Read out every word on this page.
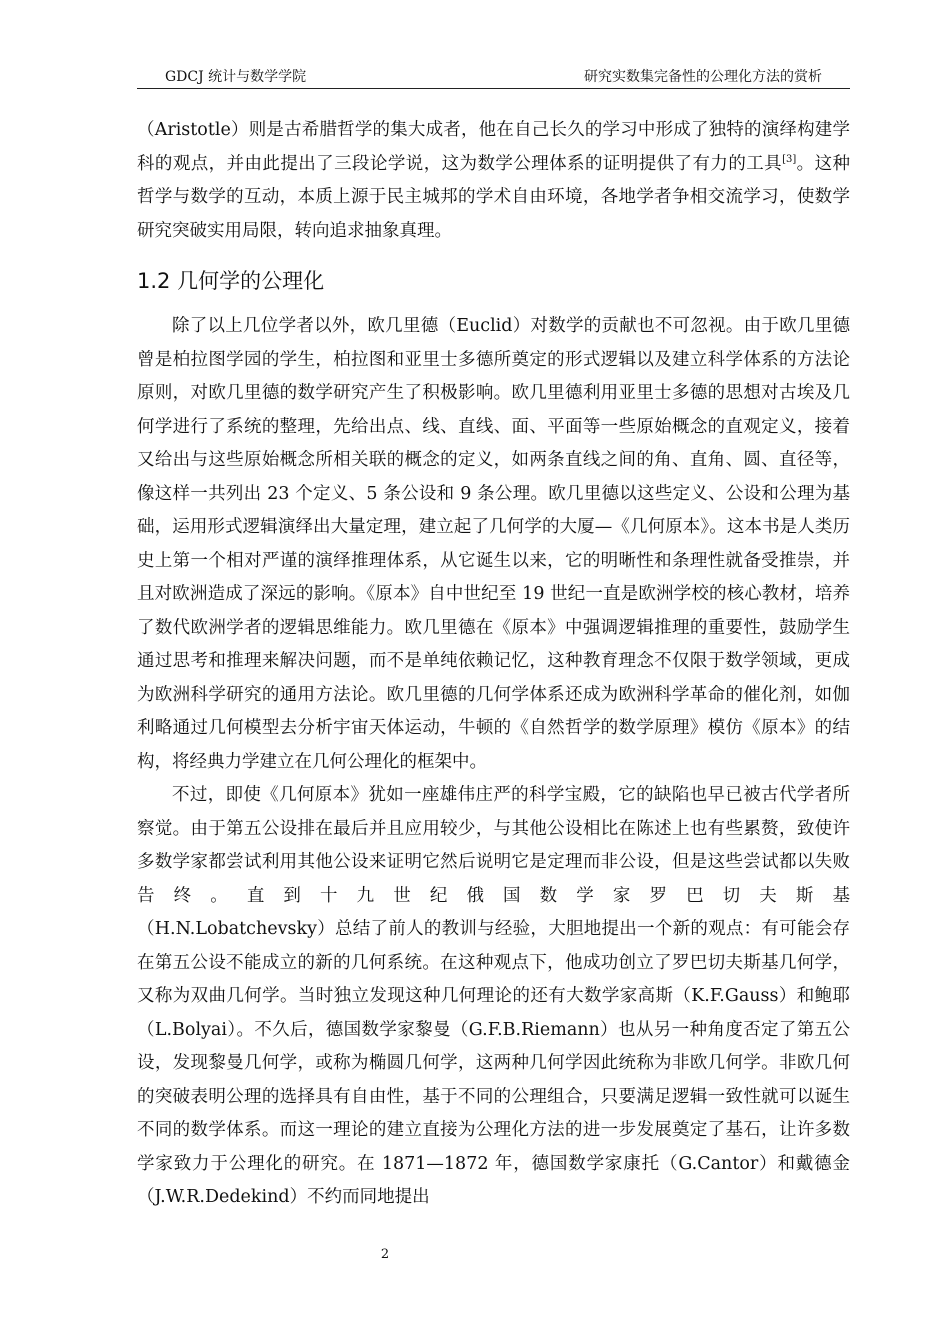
GDCJ 统计与数学学院	研究实数集完备性的公理化方法的赏析

（Aristotle）则是古希腊哲学的集大成者，他在自己长久的学习中形成了独特的演绎构建学科的观点，并由此提出了三段论学说，这为数学公理体系的证明提供了有力的工具[3]。这种哲学与数学的互动，本质上源于民主城邦的学术自由环境，各地学者争相交流学习，使数学研究突破实用局限，转向追求抽象真理。

1.2 几何学的公理化

除了以上几位学者以外，欧几里德（Euclid）对数学的贡献也不可忽视。由于欧几里德曾是柏拉图学园的学生，柏拉图和亚里士多德所奠定的形式逻辑以及建立科学体系的方法论原则，对欧几里德的数学研究产生了积极影响。欧几里德利用亚里士多德的思想对古埃及几何学进行了系统的整理，先给出点、线、直线、面、平面等一些原始概念的直观定义，接着又给出与这些原始概念所相关联的概念的定义，如两条直线之间的角、直角、圆、直径等，像这样一共列出 23 个定义、5 条公设和 9 条公理。欧几里德以这些定义、公设和公理为基础，运用形式逻辑演绎出大量定理，建立起了几何学的大厦—《几何原本》。这本书是人类历史上第一个相对严谨的演绎推理体系，从它诞生以来，它的明晰性和条理性就备受推崇，并且对欧洲造成了深远的影响。《原本》自中世纪至 19 世纪一直是欧洲学校的核心教材，培养了数代欧洲学者的逻辑思维能力。欧几里德在《原本》中强调逻辑推理的重要性，鼓励学生通过思考和推理来解决问题，而不是单纯依赖记忆，这种教育理念不仅限于数学领域，更成为欧洲科学研究的通用方法论。欧几里德的几何学体系还成为欧洲科学革命的催化剂，如伽利略通过几何模型去分析宇宙天体运动，牛顿的《自然哲学的数学原理》模仿《原本》的结构，将经典力学建立在几何公理化的框架中。

不过，即使《几何原本》犹如一座雄伟庄严的科学宝殿，它的缺陷也早已被古代学者所察觉。由于第五公设排在最后并且应用较少，与其他公设相比在陈述上也有些累赘，致使许多数学家都尝试利用其他公设来证明它然后说明它是定理而非公设，但是这些尝试都以失败告终。直到十九世纪俄国数学家罗巴切夫斯基

（H.N.Lobatchevsky）总结了前人的教训与经验，大胆地提出一个新的观点：有可能会存在第五公设不能成立的新的几何系统。在这种观点下，他成功创立了罗巴切夫斯基几何学，又称为双曲几何学。当时独立发现这种几何理论的还有大数学家高斯（K.F.Gauss）和鲍耶（L.Bolyai）。不久后，德国数学家黎曼（G.F.B.Riemann）也从另一种角度否定了第五公设，发现黎曼几何学，或称为椭圆几何学，这两种几何学因此统称为非欧几何学。非欧几何的突破表明公理的选择具有自由性，基于不同的公理组合，只要满足逻辑一致性就可以诞生不同的数学体系。而这一理论的建立直接为公理化方法的进一步发展奠定了基石，让许多数学家致力于公理化的研究。在 1871—1872 年，德国数学家康托（G.Cantor）和戴德金（J.W.R.Dedekind）不约而同地提出

2
